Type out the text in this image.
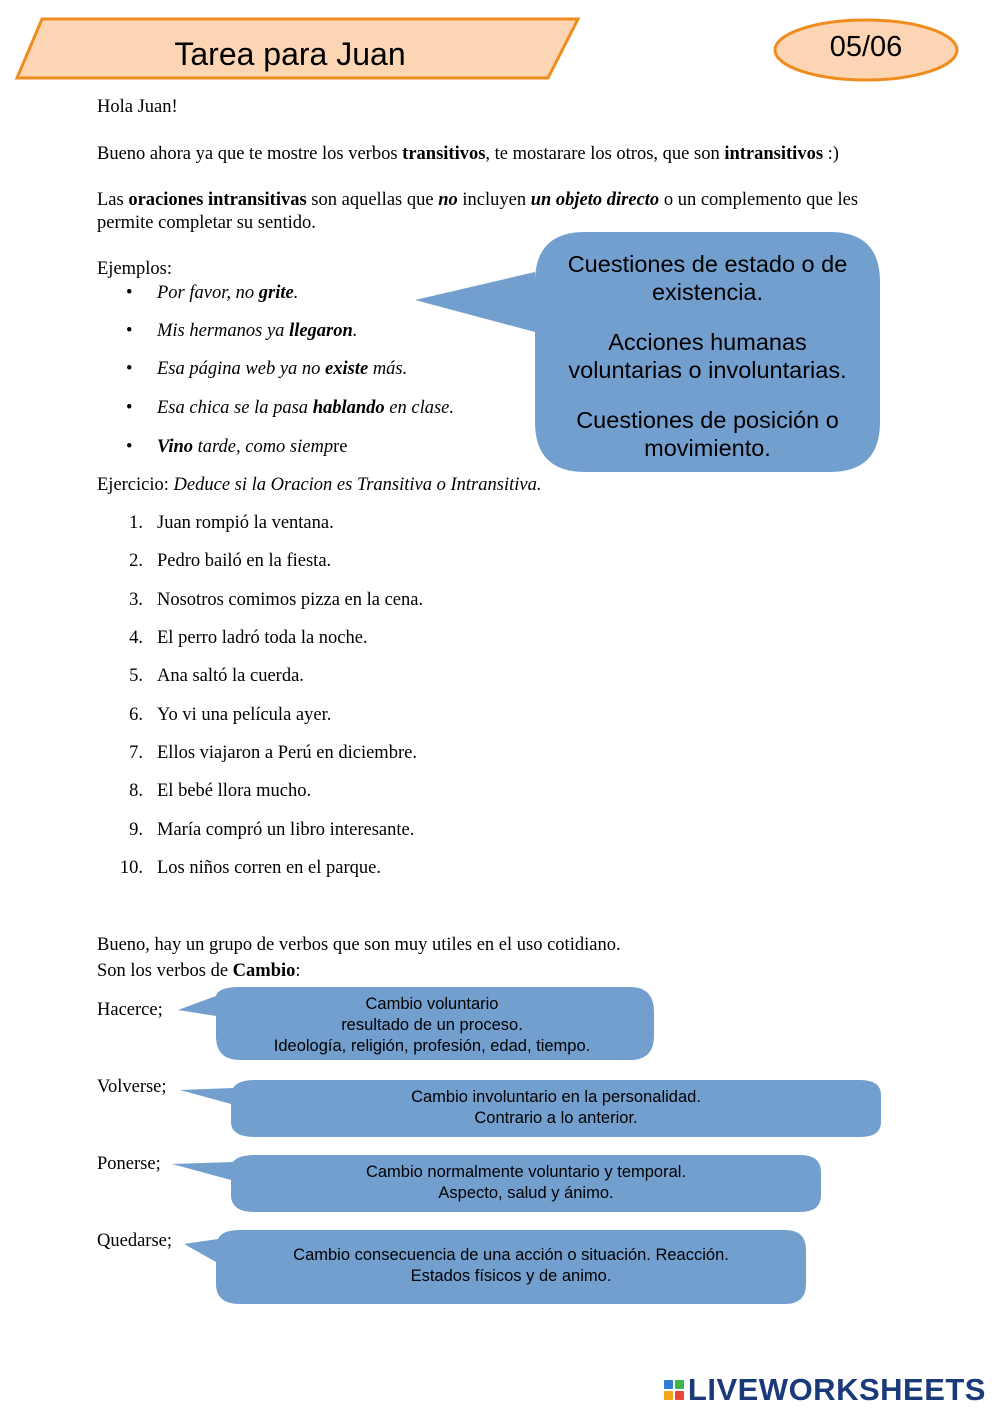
Tarea para Juan	05/06
Hola Juan!
Bueno ahora ya que te mostre los verbos transitivos, te mostarare los otros, que son intransitivos :)
Las oraciones intransitivas son aquellas que no incluyen un objeto directo o un complemento que les permite completar su sentido.
Ejemplos:
• Por favor, no grite.
• Mis hermanos ya llegaron.
• Esa página web ya no existe más.
• Esa chica se la pasa hablando en clase.
• Vino tarde, como siempre

Cuestiones de estado o de existencia.

Acciones humanas voluntarias o involuntarias.

Cuestiones de posición o movimiento.

Ejercicio: Deduce si la Oracion es Transitiva o Intransitiva.
1. Juan rompió la ventana.
2. Pedro bailó en la fiesta.
3. Nosotros comimos pizza en la cena.
4. El perro ladró toda la noche.
5. Ana saltó la cuerda.
6. Yo vi una película ayer.
7. Ellos viajaron a Perú en diciembre.
8. El bebé llora mucho.
9. María compró un libro interesante.
10. Los niños corren en el parque.
Bueno, hay un grupo de verbos que son muy utiles en el uso cotidiano.
Son los verbos de Cambio:
Hacerce;	Cambio voluntario
resultado de un proceso.
Ideología, religión, profesión, edad, tiempo.
Volverse;	Cambio involuntario en la personalidad.
Contrario a lo anterior.
Ponerse;	Cambio normalmente voluntario y temporal.
Aspecto, salud y ánimo.
Quedarse;
Cambio consecuencia de una acción o situación. Reacción.
Estados físicos y de animo.
LIVEWORKSHEETS
